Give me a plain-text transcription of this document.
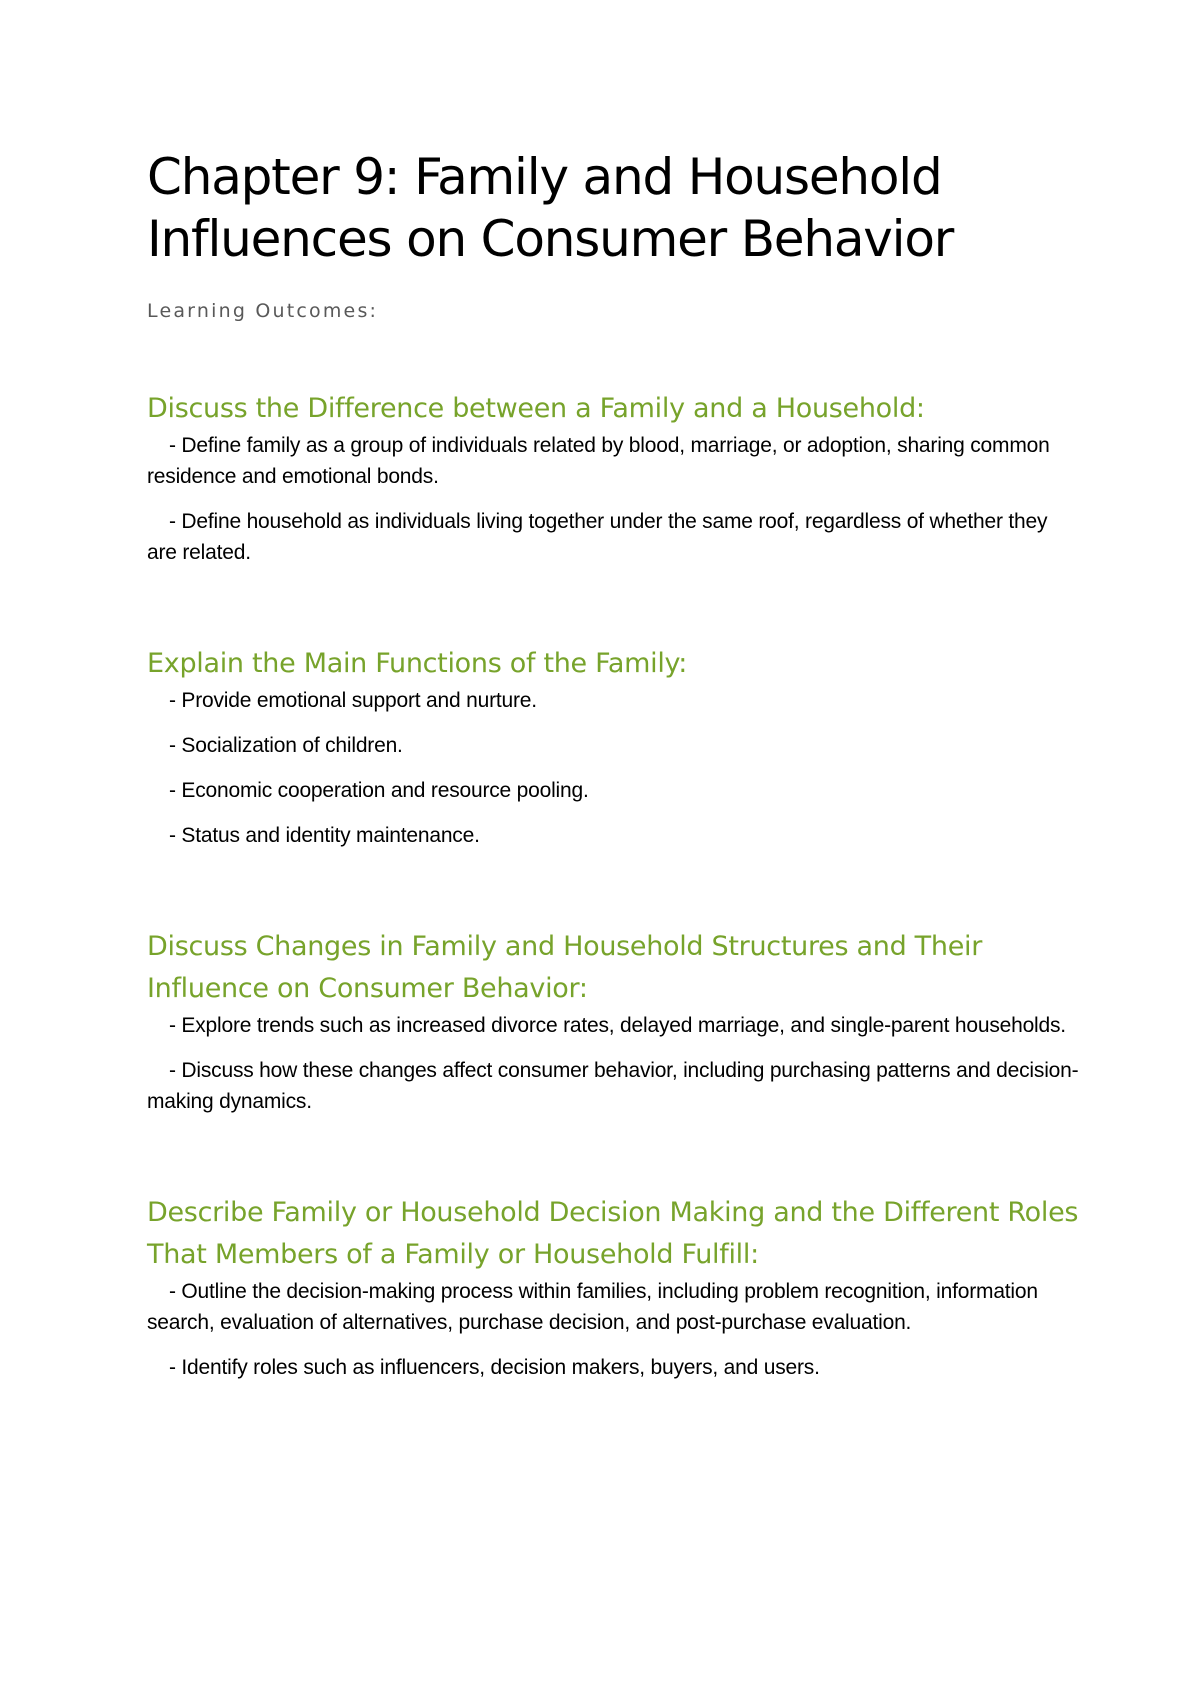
Chapter 9: Family and Household
Influences on Consumer Behavior
Learning Outcomes:
Discuss the Difference between a Family and a Household:

- Define family as a group of individuals related by blood, marriage, or adoption, sharing common residence and emotional bonds.

- Define household as individuals living together under the same roof, regardless of whether they are related.

Explain the Main Functions of the Family:

- Provide emotional support and nurture.

- Socialization of children.

- Economic cooperation and resource pooling.

- Status and identity maintenance.

Discuss Changes in Family and Household Structures and Their Influence on Consumer Behavior:

- Explore trends such as increased divorce rates, delayed marriage, and single-parent households.

- Discuss how these changes affect consumer behavior, including purchasing patterns and decision-making dynamics.

Describe Family or Household Decision Making and the Different Roles That Members of a Family or Household Fulfill:

- Outline the decision-making process within families, including problem recognition, information search, evaluation of alternatives, purchase decision, and post-purchase evaluation.

- Identify roles such as influencers, decision makers, buyers, and users.
